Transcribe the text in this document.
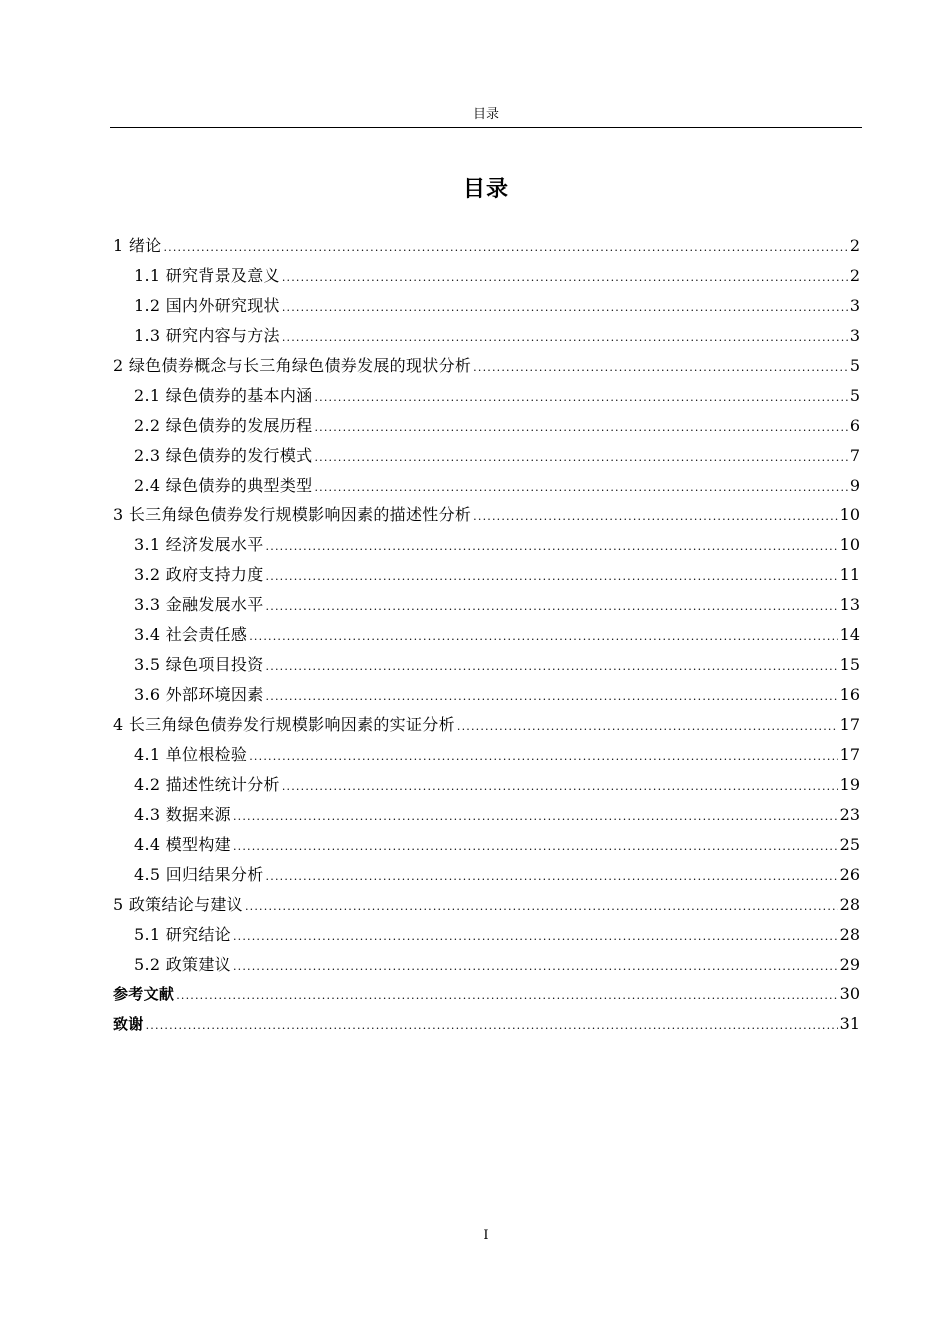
目录
目录
1 绪论 .....	2
1.1 研究背景及意义 .....	2
1.2 国内外研究现状 .....	3
1.3 研究内容与方法 .....	3
2 绿色债券概念与长三角绿色债券发展的现状分析 .....	5
2.1 绿色债券的基本内涵 .....	5
2.2 绿色债券的发展历程 .....	6
2.3 绿色债券的发行模式 .....	7
2.4 绿色债券的典型类型 .....	9
3 长三角绿色债券发行规模影响因素的描述性分析 .....	10
3.1 经济发展水平 .....	10
3.2 政府支持力度 .....	11
3.3 金融发展水平 .....	13
3.4 社会责任感 .....	14
3.5 绿色项目投资 .....	15
3.6 外部环境因素 .....	16
4 长三角绿色债券发行规模影响因素的实证分析 .....	17
4.1 单位根检验 .....	17
4.2 描述性统计分析 .....	19
4.3 数据来源 .....	23
4.4 模型构建 .....	25
4.5 回归结果分析 .....	26
5 政策结论与建议 .....	28
5.1 研究结论 .....	28
5.2 政策建议 .....	29
参考文献 .....	30
致谢 .....	31
I
